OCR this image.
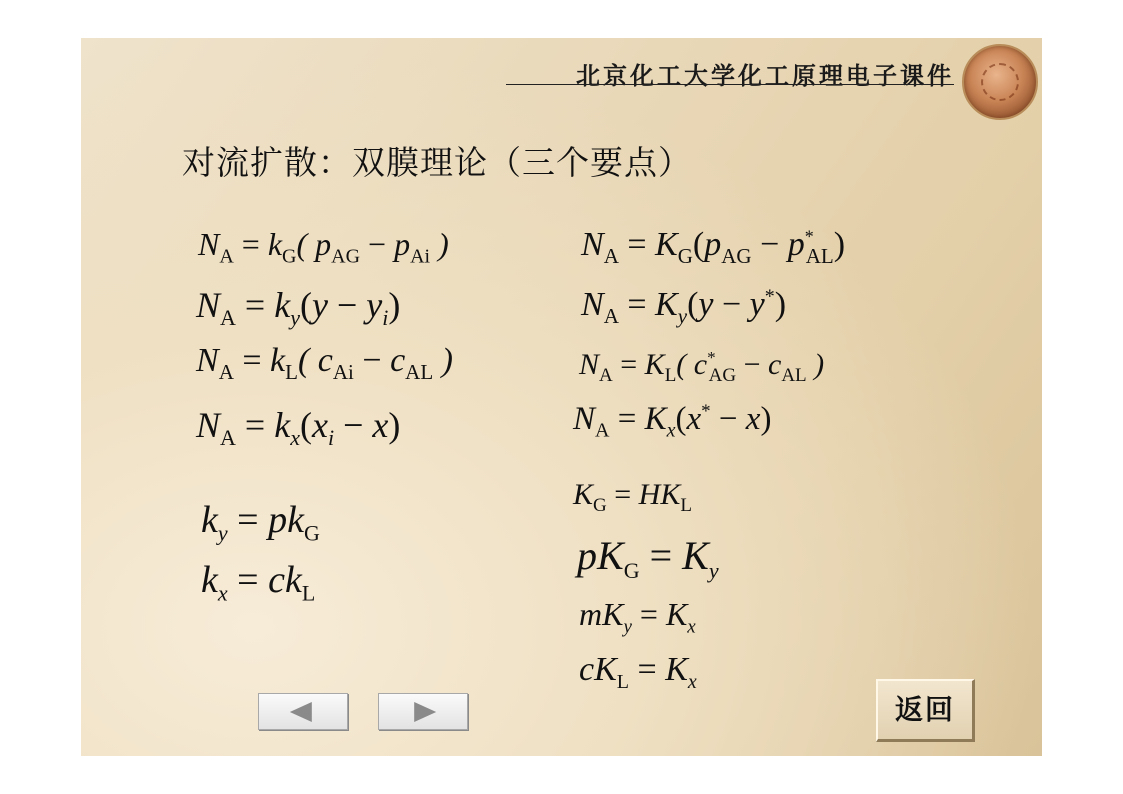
北京化工大学化工原理电子课件
对流扩散：双膜理论（三个要点）
$N_A = k_G$( $p_{AG} - p_{Ai}$ )
$N_A = k_y(y - y_i)$
$N_A = k_L$( $c_{Ai} - c_{AL}$ )
$N_A = k_x(x_i - x)$
$N_A = K_G(p_{AG} - p^*_{AL})$
$N_A = K_y(y - y^*)$
$N_A = K_L$( $c^*_{AG} - c_{AL}$ )
$N_A = K_x(x^* - x)$
$k_y = pk_G$
$k_x = ck_L$
$K_G = HK_L$
$pK_G = K_y$
$mK_y = K_x$
$cK_L = K_x$
返回
